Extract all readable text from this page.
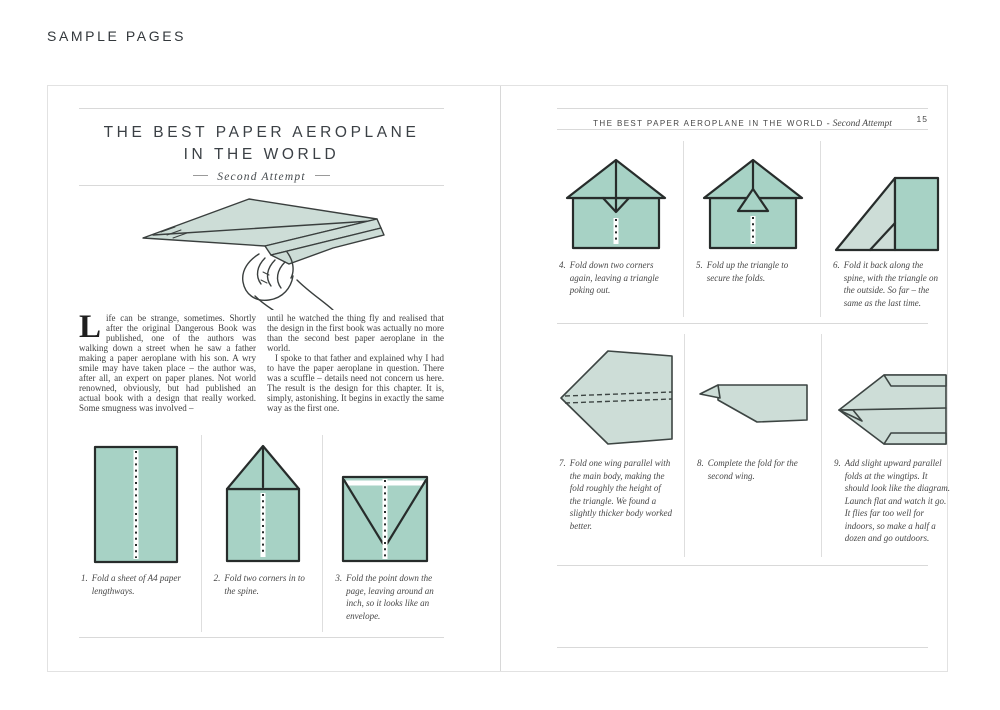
SAMPLE PAGES
THE BEST PAPER AEROPLANE
IN THE WORLD
Second Attempt
Life can be strange, sometimes. Shortly after the original Dangerous Book was published, one of the authors was walking down a street when he saw a father making a paper aeroplane with his son. A wry smile may have taken place – the author was, after all, an expert on paper planes. Not world renowned, obviously, but had published an actual book with a design that really worked. Some smugness was involved –

until he watched the thing fly and realised that the design in the first book was actually no more than the second best paper aeroplane in the world.

I spoke to that father and explained why I had to have the paper aeroplane in question. There was a scuffle – details need not concern us here. The result is the design for this chapter. It is, simply, astonishing. It begins in exactly the same way as the first one.

1. Fold a sheet of A4 paper lengthways.
2. Fold two corners in to the spine.
3. Fold the point down the page, leaving around an inch, so it looks like an envelope.
THE BEST PAPER AEROPLANE IN THE WORLD - Second Attempt	15
4. Fold down two corners again, leaving a triangle poking out.
5. Fold up the triangle to secure the folds.
6. Fold it back along the spine, with the triangle on the outside. So far – the same as the last time.
7. Fold one wing parallel with the main body, making the fold roughly the height of the triangle. We found a slightly thicker body worked better.
8. Complete the fold for the second wing.
9. Add slight upward parallel folds at the wingtips. It should look like the diagram. Launch flat and watch it go. It flies far too well for indoors, so make a half a dozen and go outdoors.
